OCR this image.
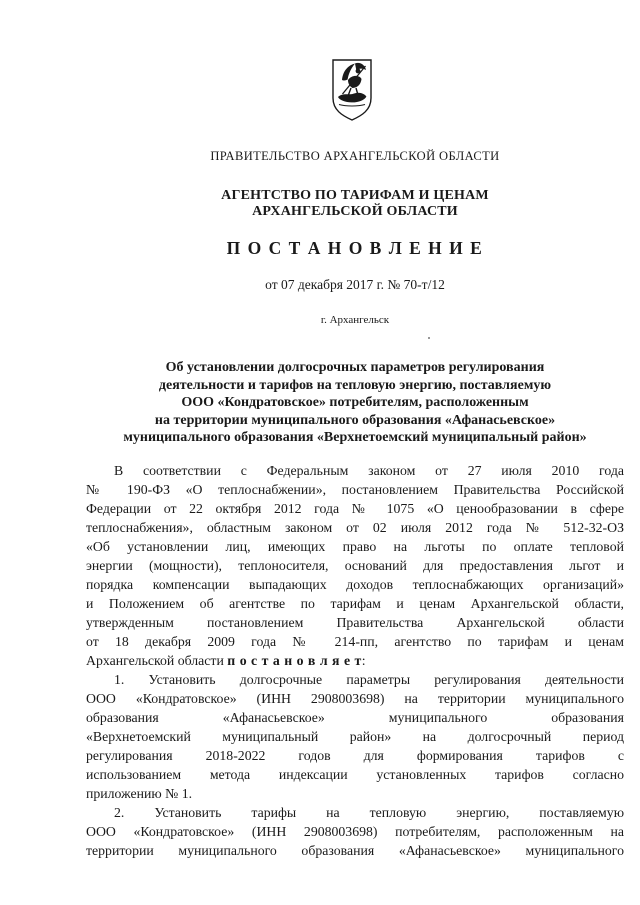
ПРАВИТЕЛЬСТВО АРХАНГЕЛЬСКОЙ ОБЛАСТИ
АГЕНТСТВО ПО ТАРИФАМ И ЦЕНАМ
АРХАНГЕЛЬСКОЙ ОБЛАСТИ
П О С Т А Н О В Л Е Н И Е
от 07 декабря 2017 г. № 70-т/12
г. Архангельск
Об установлении долгосрочных параметров регулирования
деятельности и тарифов на тепловую энергию, поставляемую
ООО «Кондратовское» потребителям, расположенным
на территории муниципального образования «Афанасьевское»
муниципального образования «Верхнетоемский муниципальный район»
В соответствии с Федеральным законом от 27 июля 2010 года
№ 190-ФЗ «О теплоснабжении», постановлением Правительства Российской
Федерации от 22 октября 2012 года № 1075 «О ценообразовании в сфере
теплоснабжения», областным законом от 02 июля 2012 года № 512-32-ОЗ
«Об установлении лиц, имеющих право на льготы по оплате тепловой
энергии (мощности), теплоносителя, оснований для предоставления льгот и
порядка компенсации выпадающих доходов теплоснабжающих организаций»
и Положением об агентстве по тарифам и ценам Архангельской области,
утвержденным постановлением Правительства Архангельской области
от 18 декабря 2009 года № 214-пп, агентство по тарифам и ценам
Архангельской области п о с т а н о в л я е т:
1. Установить долгосрочные параметры регулирования деятельности
ООО «Кондратовское» (ИНН 2908003698) на территории муниципального
образования «Афанасьевское» муниципального образования
«Верхнетоемский муниципальный район» на долгосрочный период
регулирования 2018-2022 годов для формирования тарифов с
использованием метода индексации установленных тарифов согласно
приложению № 1.
2. Установить тарифы на тепловую энергию, поставляемую
ООО «Кондратовское» (ИНН 2908003698) потребителям, расположенным на
территории муниципального образования «Афанасьевское» муниципального
